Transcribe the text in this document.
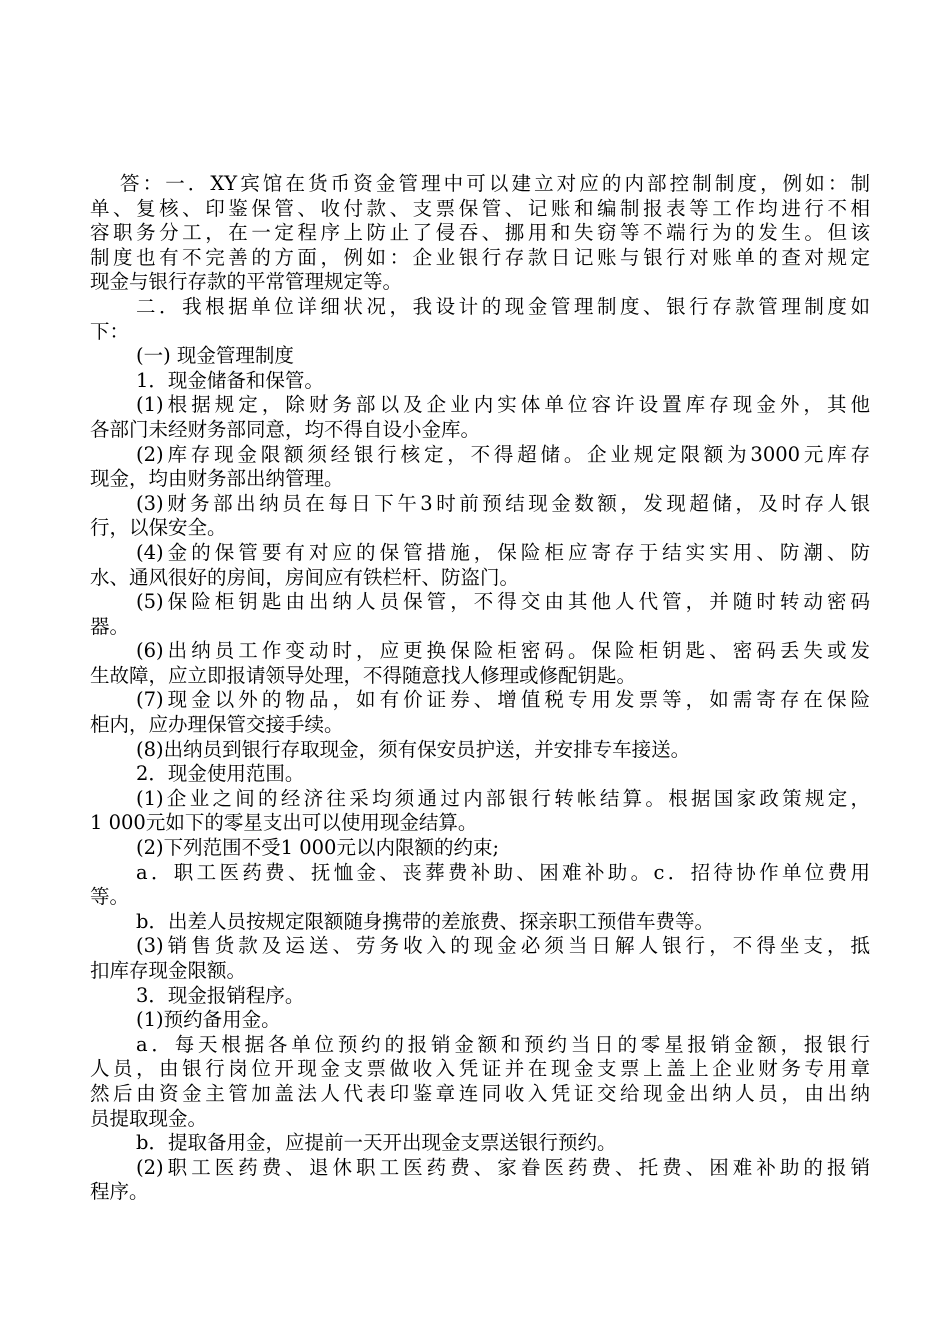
答：一．XY宾馆在货币资金管理中可以建立对应的内部控制制度，例如：制
单、复核、印鉴保管、收付款、支票保管、记账和编制报表等工作均进行不相
容职务分工，在一定程序上防止了侵吞、挪用和失窃等不端行为的发生。但该
制度也有不完善的方面，例如：企业银行存款日记账与银行对账单的查对规定
现金与银行存款的平常管理规定等。
二．我根据单位详细状况，我设计的现金管理制度、银行存款管理制度如
下：
(一) 现金管理制度
1．现金储备和保管。
(1)根据规定，除财务部以及企业内实体单位容许设置库存现金外，其他
各部门未经财务部同意，均不得自设小金库。
(2)库存现金限额须经银行核定，不得超储。企业规定限额为3000元库存
现金，均由财务部出纳管理。
(3)财务部出纳员在每日下午3时前预结现金数额，发现超储，及时存人银
行，以保安全。
(4)金的保管要有对应的保管措施，保险柜应寄存于结实实用、防潮、防
水、通风很好的房间，房间应有铁栏杆、防盗门。
(5)保险柜钥匙由出纳人员保管，不得交由其他人代管，并随时转动密码
器。
(6)出纳员工作变动时，应更换保险柜密码。保险柜钥匙、密码丢失或发
生故障，应立即报请领导处理，不得随意找人修理或修配钥匙。
(7)现金以外的物品，如有价证券、增值税专用发票等，如需寄存在保险
柜内，应办理保管交接手续。
(8)出纳员到银行存取现金，须有保安员护送，并安排专车接送。
2．现金使用范围。
(1)企业之间的经济往采均须通过内部银行转帐结算。根据国家政策规定，
1 000元如下的零星支出可以使用现金结算。
(2)下列范围不受1 000元以内限额的约束;
a．职工医药费、抚恤金、丧葬费补助、困难补助。c．招待协作单位费用
等。
b．出差人员按规定限额随身携带的差旅费、探亲职工预借车费等。
(3)销售货款及运送、劳务收入的现金必须当日解人银行，不得坐支，抵
扣库存现金限额。
3．现金报销程序。
(1)预约备用金。
a．每天根据各单位预约的报销金额和预约当日的零星报销金额，报银行
人员，由银行岗位开现金支票做收入凭证并在现金支票上盖上企业财务专用章
然后由资金主管加盖法人代表印鉴章连同收入凭证交给现金出纳人员，由出纳
员提取现金。
b．提取备用金，应提前一天开出现金支票送银行预约。
(2)职工医药费、退休职工医药费、家眷医药费、托费、困难补助的报销
程序。
